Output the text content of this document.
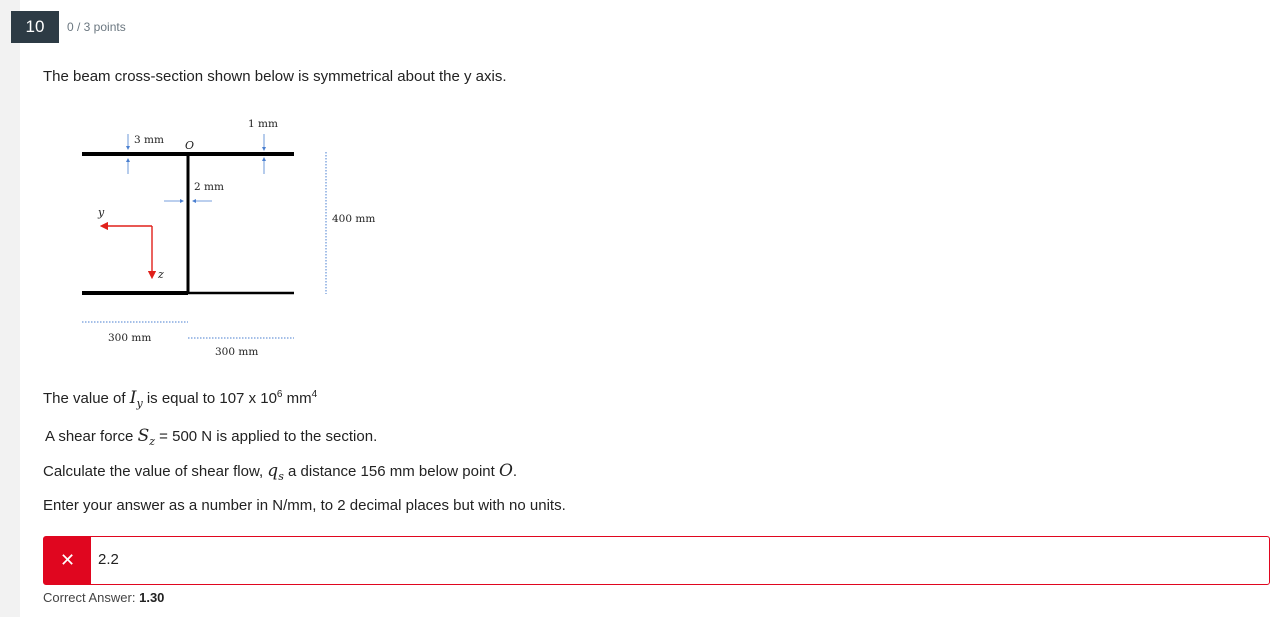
10	0 / 3 points
The beam cross-section shown below is symmetrical about the y axis.
3 mm O
1 mm
2 mm
y
z
400 mm
300 mm
300 mm
The value of $I_y$ is equal to 107 x $10^6$ $mm^4$
A shear force $S_z = 500$ N is applied to the section.
Calculate the value of shear flow, $q_s$ a distance 156 mm below point O.
Enter your answer as a number in N/mm, to 2 decimal places but with no units.
✕	2.2
Correct Answer: 1.30
